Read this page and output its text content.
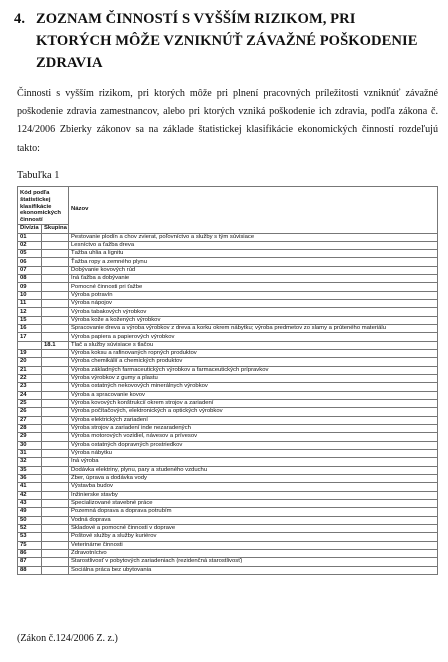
4. ZOZNAM ČINNOSTÍ S VYŠŠÍM RIZIKOM, PRI KTORÝCH MÔŽE VZNIKNÚŤ ZÁVAŽNÉ POŠKODENIE ZDRAVIA

Činnosti s vyšším rizikom, pri ktorých môže pri plnení pracovných príležitosti vzniknúť závažné poškodenie zdravia zamestnancov, alebo pri ktorých vzniká poškodenie ich zdravia, podľa zákona č. 124/2006 Zbierky zákonov sa na základe štatistickej klasifikácie ekonomických činností rozdeľujú takto:

Tabuľka 1
Kód podľa štatistickej klasifikácie ekonomických činností		Názov
Divízia	Skupina	
01		Pestovanie plodín a chov zvierat, poľovníctvo a služby s tým súvisiace
02		Lesníctvo a ťažba dreva
05		Ťažba uhlia a lignitu
06		Ťažba ropy a zemného plynu
07		Dobývanie kovových rúd
08		Iná ťažba a dobývanie
09		Pomocné činnosti pri ťažbe
10		Výroba potravín
11		Výroba nápojov
12		Výroba tabakových výrobkov
15		Výroba kože a kožených výrobkov
16		Spracovanie dreva a výroba výrobkov z dreva a korku okrem nábytku; výroba predmetov zo slamy a prúteného materiálu
17		Výroba papiera a papierových výrobkov
	18.1	Tlač a služby súvisiace s tlačou
19		Výroba koksu a rafinovaných ropných produktov
20		Výroba chemikálií a chemických produktov
21		Výroba základných farmaceutických výrobkov a farmaceutických prípravkov
22		Výroba výrobkov z gumy a plastu
23		Výroba ostatných nekovových minerálnych výrobkov
24		Výroba a spracovanie kovov
25		Výroba kovových konštrukcií okrem strojov a zariadení
26		Výroba počítačových, elektronických a optických výrobkov
27		Výroba elektrických zariadení
28		Výroba strojov a zariadení inde nezaradených
29		Výroba motorových vozidiel, návesov a prívesov
30		Výroba ostatných dopravných prostriedkov
31		Výroba nábytku
32		Iná výroba
35		Dodávka elektriny, plynu, pary a studeného vzduchu
36		Zber, úprava a dodávka vody
41		Výstavba budov
42		Inžinierske stavby
43		Špecializované stavebné práce
49		Pozemná doprava a doprava potrubím
50		Vodná doprava
52		Skladové a pomocné činnosti v doprave
53		Poštové služby a služby kuriérov
75		Veterinárne činnosti
86		Zdravotníctvo
87		Starostlivosť v pobytových zariadeniach (rezidenčná starostlivosť)
88		Sociálna práca bez ubytovania
(Zákon č.124/2006 Z. z.)
